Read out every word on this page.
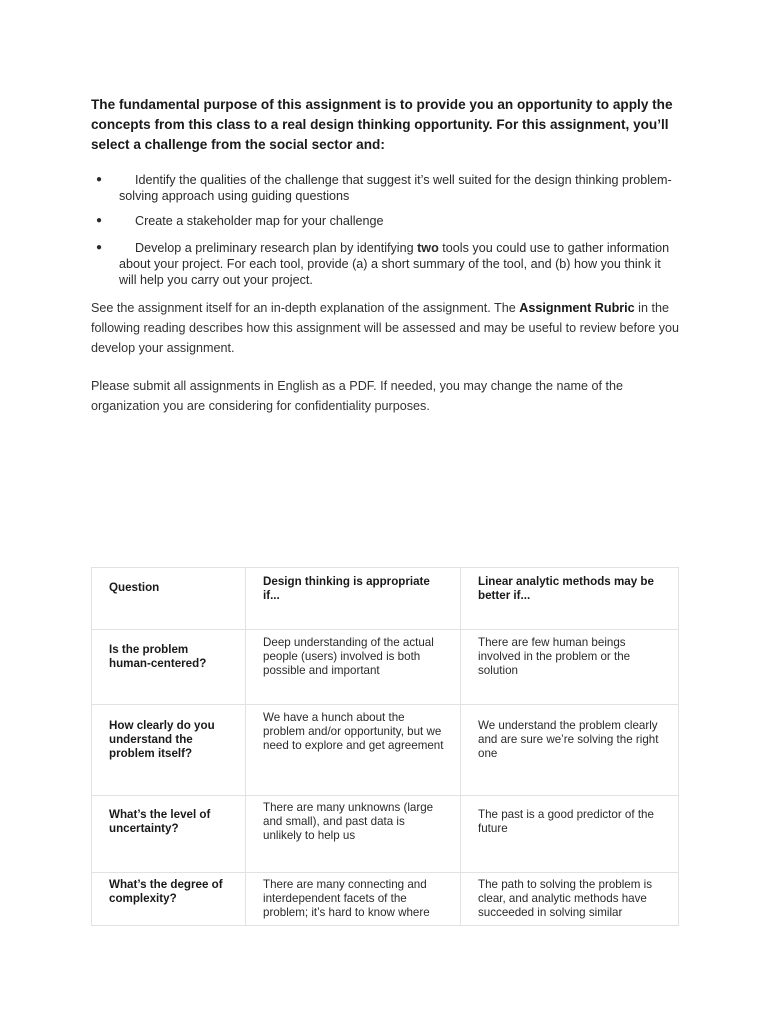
The fundamental purpose of this assignment is to provide you an opportunity to apply the concepts from this class to a real design thinking opportunity. For this assignment, you’ll select a challenge from the social sector and:

●	Identify the qualities of the challenge that suggest it’s well suited for the design thinking problem-solving approach using guiding questions
●	Create a stakeholder map for your challenge
●	Develop a preliminary research plan by identifying two tools you could use to gather information about your project. For each tool, provide (a) a short summary of the tool, and (b) how you think it will help you carry out your project.

See the assignment itself for an in-depth explanation of the assignment. The Assignment Rubric in the following reading describes how this assignment will be assessed and may be useful to review before you develop your assignment.

Please submit all assignments in English as a PDF. If needed, you may change the name of the organization you are considering for confidentiality purposes.

Question	Design thinking is appropriate if...	Linear analytic methods may be better if...

Is the problem human-centered?	Deep understanding of the actual people (users) involved is both possible and important	There are few human beings involved in the problem or the solution

How clearly do you understand the problem itself?	We have a hunch about the problem and/or opportunity, but we need to explore and get agreement	We understand the problem clearly and are sure we’re solving the right one

What’s the level of uncertainty?	There are many unknowns (large and small), and past data is unlikely to help us	The past is a good predictor of the future

What’s the degree of complexity?	There are many connecting and interdependent facets of the problem; it’s hard to know where	The path to solving the problem is clear, and analytic methods have succeeded in solving similar
